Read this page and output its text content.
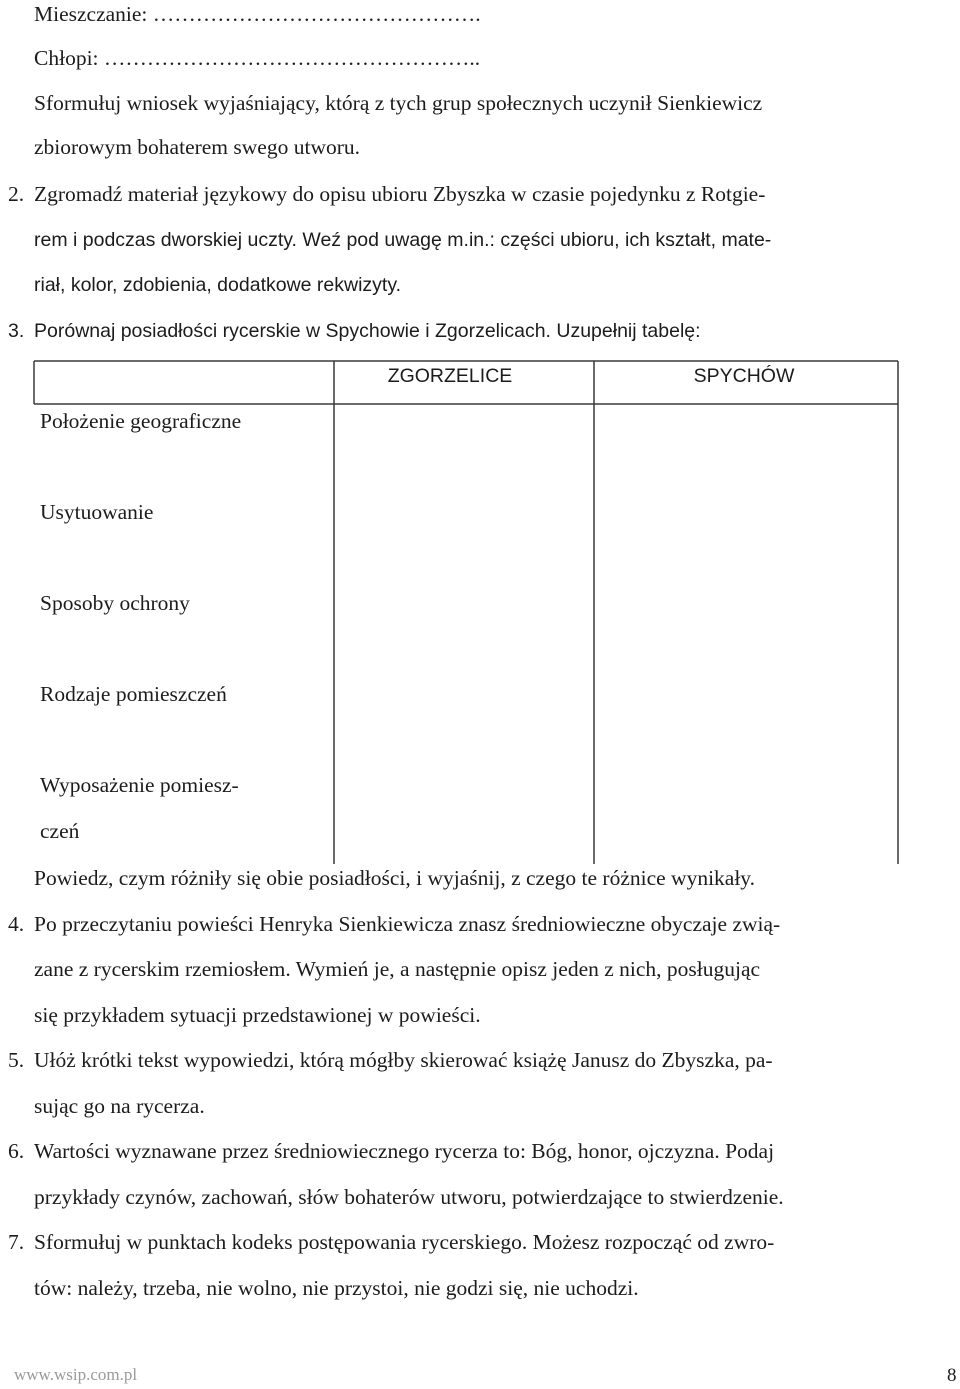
Mieszczanie: ……………………………………….
Chłopi: ……………………………………………..
Sformułuj wniosek wyjaśniający, którą z tych grup społecznych uczynił Sienkiewicz
zbiorowym bohaterem swego utworu.
2. Zgromadź materiał językowy do opisu ubioru Zbyszka w czasie pojedynku z Rotgie-
rem i podczas dworskiej uczty. Weź pod uwagę m.in.: części ubioru, ich kształt, mate-
riał, kolor, zdobienia, dodatkowe rekwizyty.
3. Porównaj posiadłości rycerskie w Spychowie i Zgorzelicach. Uzupełnij tabelę:
ZGORZELICE	SPYCHÓW
Położenie geograficzne
Usytuowanie
Sposoby ochrony
Rodzaje pomieszczeń
Wyposażenie pomiesz-
czeń
Powiedz, czym różniły się obie posiadłości, i wyjaśnij, z czego te różnice wynikały.
4. Po przeczytaniu powieści Henryka Sienkiewicza znasz średniowieczne obyczaje zwią-
zane z rycerskim rzemiosłem. Wymień je, a następnie opisz jeden z nich, posługując
się przykładem sytuacji przedstawionej w powieści.
5. Ułóż krótki tekst wypowiedzi, którą mógłby skierować książę Janusz do Zbyszka, pa-
sując go na rycerza.
6. Wartości wyznawane przez średniowiecznego rycerza to: Bóg, honor, ojczyzna. Podaj
przykłady czynów, zachowań, słów bohaterów utworu, potwierdzające to stwierdzenie.
7. Sformułuj w punktach kodeks postępowania rycerskiego. Możesz rozpocząć od zwro-
tów: należy, trzeba, nie wolno, nie przystoi, nie godzi się, nie uchodzi.
www.wsip.com.pl	8
